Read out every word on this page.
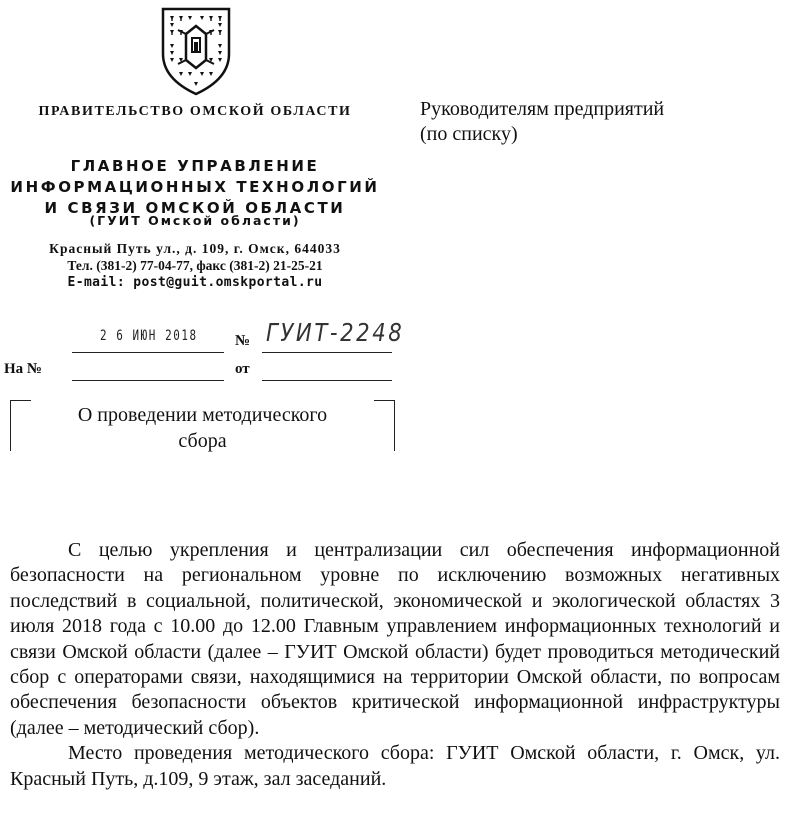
ПРАВИТЕЛЬСТВО ОМСКОЙ ОБЛАСТИ
ГЛАВНОЕ УПРАВЛЕНИЕ
ИНФОРМАЦИОННЫХ ТЕХНОЛОГИЙ
И СВЯЗИ ОМСКОЙ ОБЛАСТИ
(ГУИТ Омской области)
Красный Путь ул., д. 109, г. Омск, 644033
Тел. (381-2) 77-04-77, факс (381-2) 21-25-21
E-mail: post@guit.omskportal.ru
Руководителям предприятий
(по списку)
2 6 ИЮН 2018 № ГУИТ-2248
На №	от
О проведении методического
сбора

С целью укрепления и централизации сил обеспечения информационной безопасности на региональном уровне по исключению возможных негативных последствий в социальной, политической, экономической и экологической областях 3 июля 2018 года с 10.00 до 12.00 Главным управлением информационных технологий и связи Омской области (далее – ГУИТ Омской области) будет проводиться методический сбор с операторами связи, находящимися на территории Омской области, по вопросам обеспечения безопасности объектов критической информационной инфраструктуры (далее – методический сбор).

Место проведения методического сбора: ГУИТ Омской области, г. Омск, ул. Красный Путь, д.109, 9 этаж, зал заседаний.
